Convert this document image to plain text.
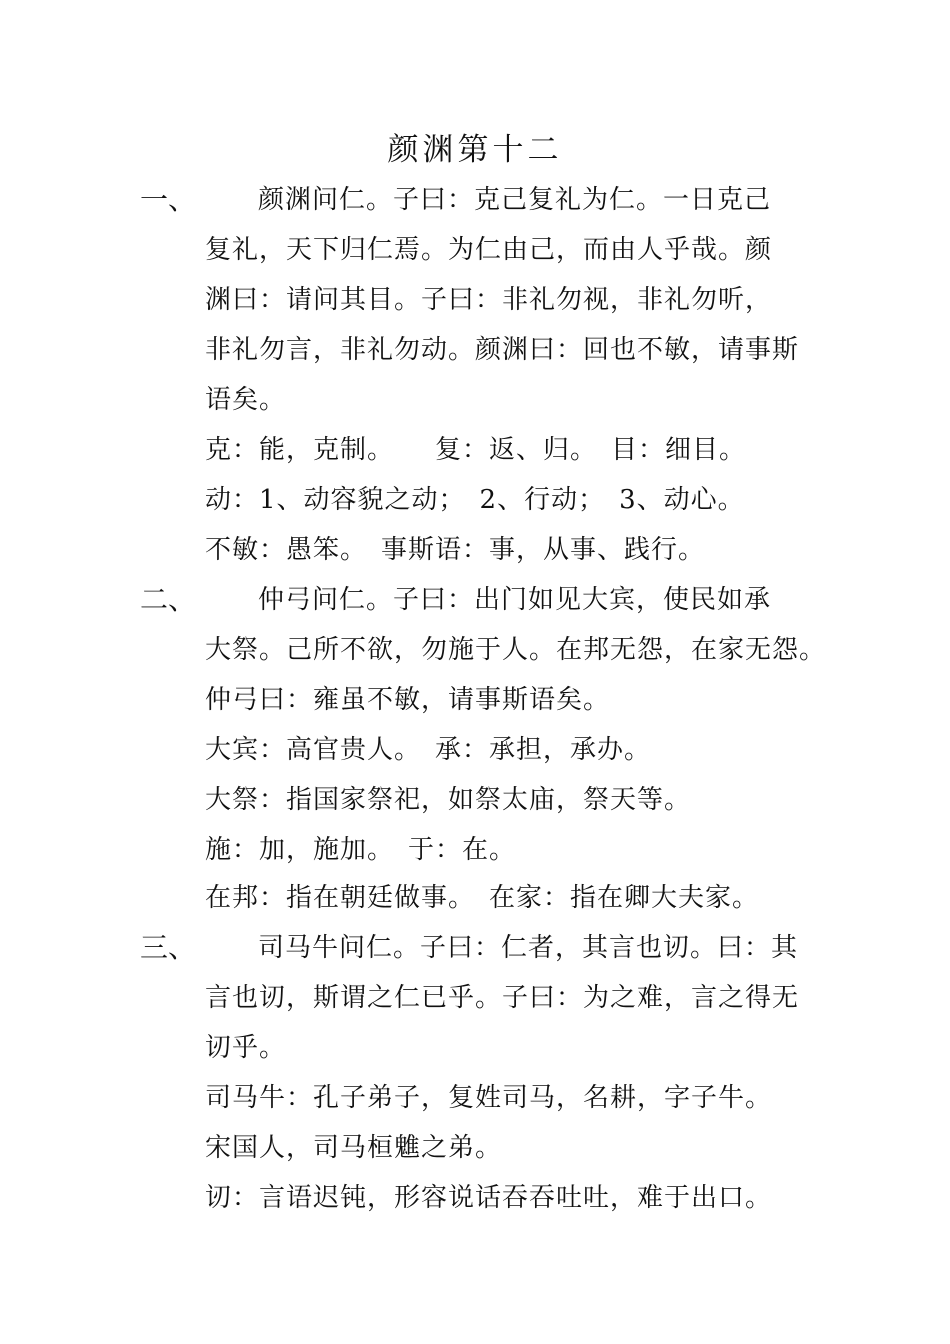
颜渊第十二
一、 颜渊问仁。子曰：克己复礼为仁。一日克己
复礼，天下归仁焉。为仁由己，而由人乎哉。颜
渊曰：请问其目。子曰：非礼勿视，非礼勿听，
非礼勿言，非礼勿动。颜渊曰：回也不敏，请事斯
语矣。
克：能，克制。　　复：返、归。　目：细目。
动：1、动容貌之动；　2、行动；　3、动心。
不敏：愚笨。　事斯语：事，从事、践行。
二、 仲弓问仁。子曰：出门如见大宾，使民如承
大祭。己所不欲，勿施于人。在邦无怨，在家无怨。
仲弓曰：雍虽不敏，请事斯语矣。
大宾：高官贵人。　承：承担，承办。
大祭：指国家祭祀，如祭太庙，祭天等。
施：加，施加。　于：在。
在邦：指在朝廷做事。　在家：指在卿大夫家。
三、 司马牛问仁。子曰：仁者，其言也讱。曰：其
言也讱，斯谓之仁已乎。子曰：为之难，言之得无
讱乎。
司马牛：孔子弟子，复姓司马，名耕，字子牛。
宋国人，司马桓魋之弟。
讱：言语迟钝，形容说话吞吞吐吐，难于出口。
